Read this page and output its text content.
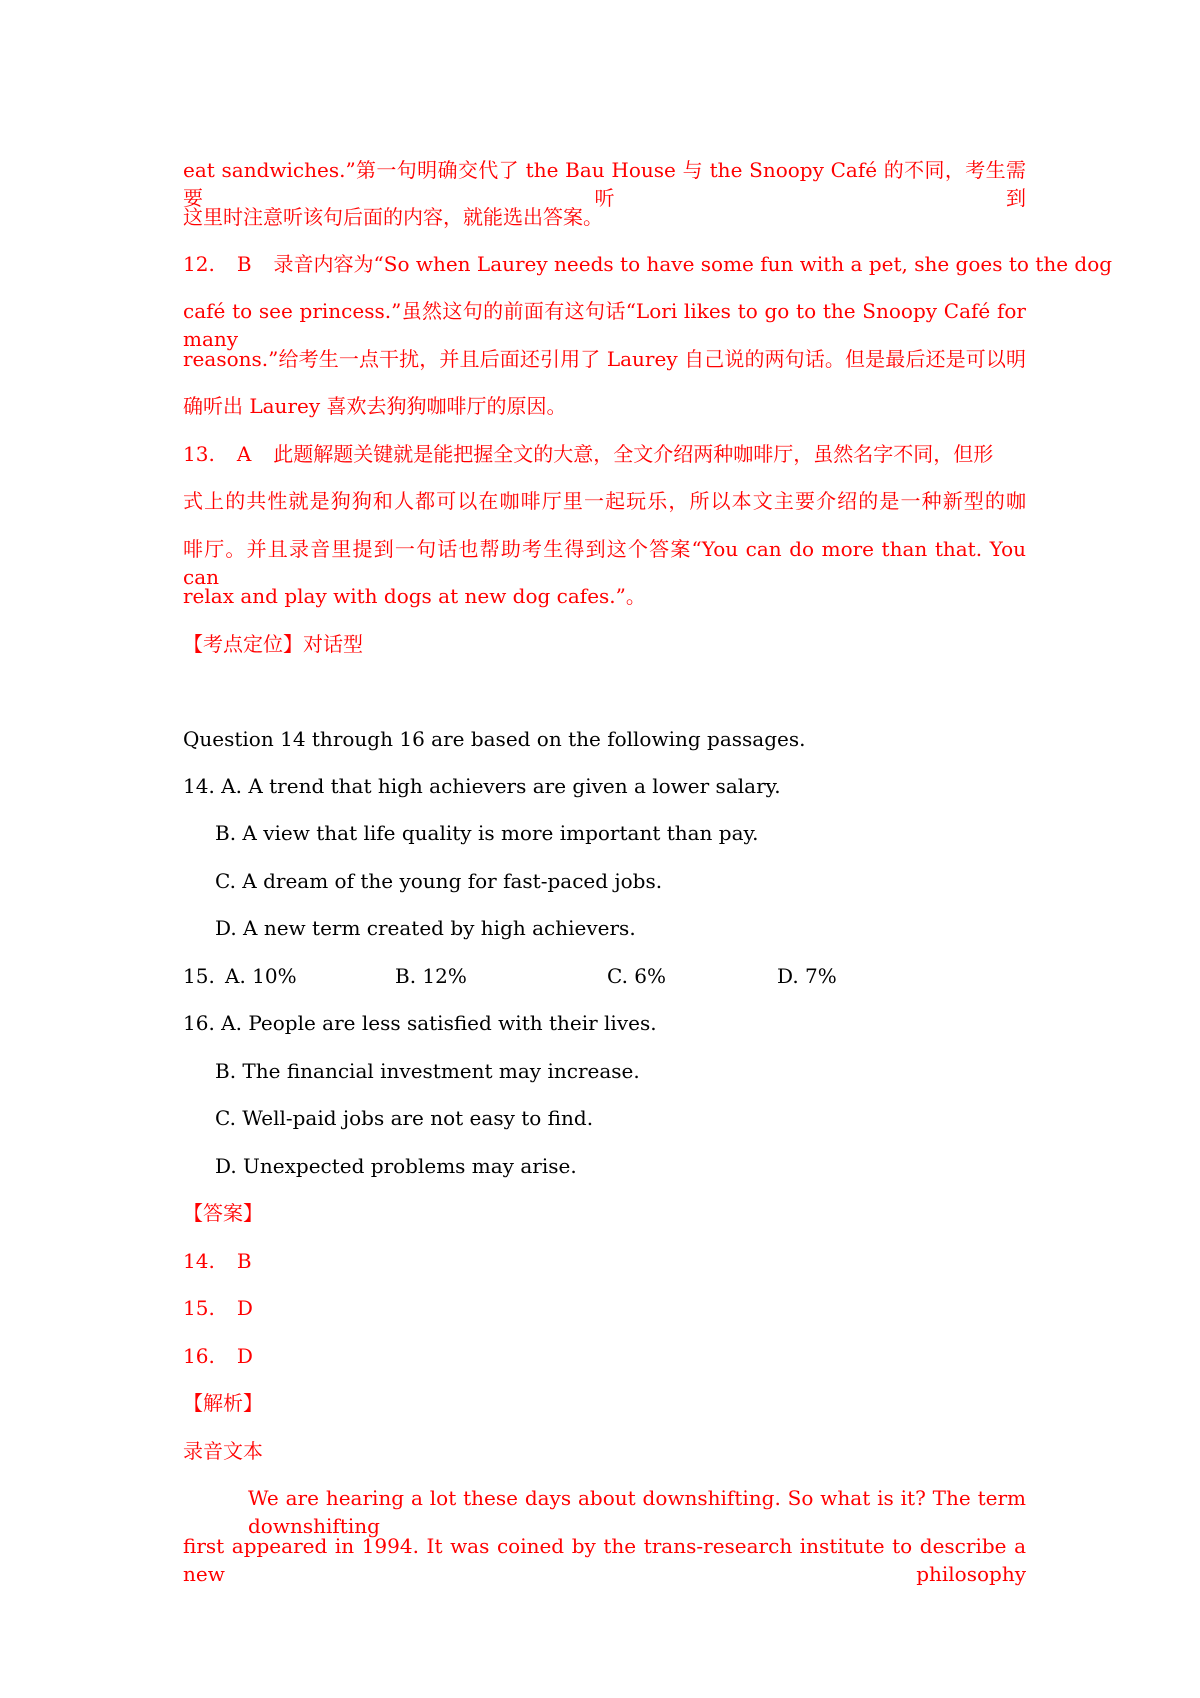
eat sandwiches.”第一句明确交代了 the Bau House 与 the Snoopy Café 的不同，考生需要听到
这里时注意听该句后面的内容，就能选出答案。
12. B 录音内容为“So when Laurey needs to have some fun with a pet, she goes to the dog
café to see princess.”虽然这句的前面有这句话“Lori likes to go to the Snoopy Café for many
reasons.”给考生一点干扰，并且后面还引用了 Laurey 自己说的两句话。但是最后还是可以明
确听出 Laurey 喜欢去狗狗咖啡厅的原因。
13. A 此题解题关键就是能把握全文的大意，全文介绍两种咖啡厅，虽然名字不同，但形
式上的共性就是狗狗和人都可以在咖啡厅里一起玩乐，所以本文主要介绍的是一种新型的咖
啡厅。并且录音里提到一句话也帮助考生得到这个答案“You can do more than that. You can
relax and play with dogs at new dog cafes.”。
【考点定位】对话型
Question 14 through 16 are based on the following passages.
14. A. A trend that high achievers are given a lower salary.
B. A view that life quality is more important than pay.
C. A dream of the young for fast-paced jobs.
D. A new term created by high achievers.
15. A. 10%	B. 12%	C. 6%	D. 7%
16. A. People are less satisfied with their lives.
B. The financial investment may increase.
C. Well-paid jobs are not easy to find.
D. Unexpected problems may arise.
【答案】
14. B
15. D
16. D
【解析】
录音文本
We are hearing a lot these days about downshifting. So what is it? The term downshifting
first appeared in 1994. It was coined by the trans-research institute to describe a new philosophy
